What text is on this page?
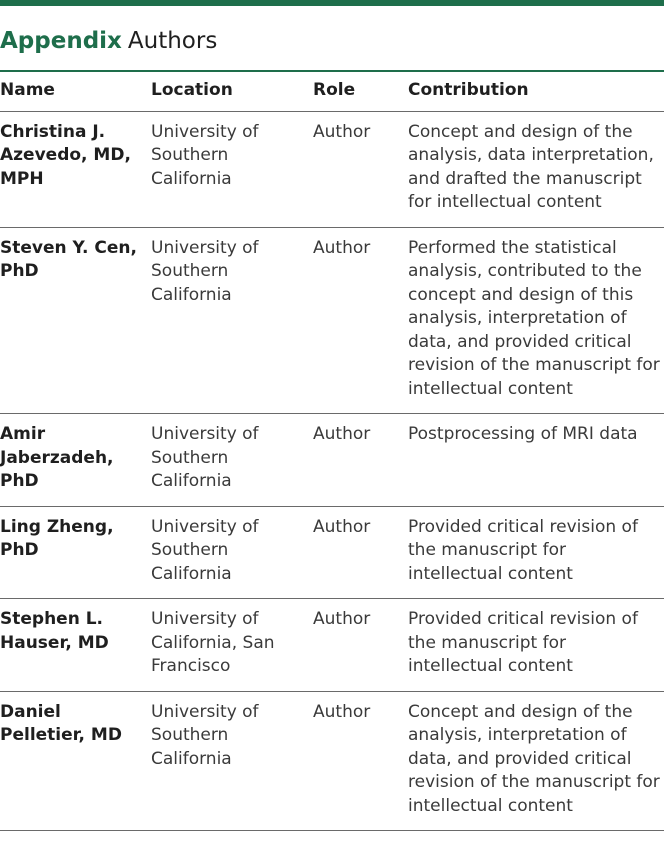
Appendix Authors
Name	Location	Role	Contribution
Christina J. Azevedo, MD, MPH	University of Southern California	Author	Concept and design of the analysis, data interpretation, and drafted the manuscript for intellectual content
Steven Y. Cen, PhD	University of Southern California	Author	Performed the statistical analysis, contributed to the concept and design of this analysis, interpretation of data, and provided critical revision of the manuscript for intellectual content
Amir Jaberzadeh, PhD	University of Southern California	Author	Postprocessing of MRI data
Ling Zheng, PhD	University of Southern California	Author	Provided critical revision of the manuscript for intellectual content
Stephen L. Hauser, MD	University of California, San Francisco	Author	Provided critical revision of the manuscript for intellectual content
Daniel Pelletier, MD	University of Southern California	Author	Concept and design of the analysis, interpretation of data, and provided critical revision of the manuscript for intellectual content
